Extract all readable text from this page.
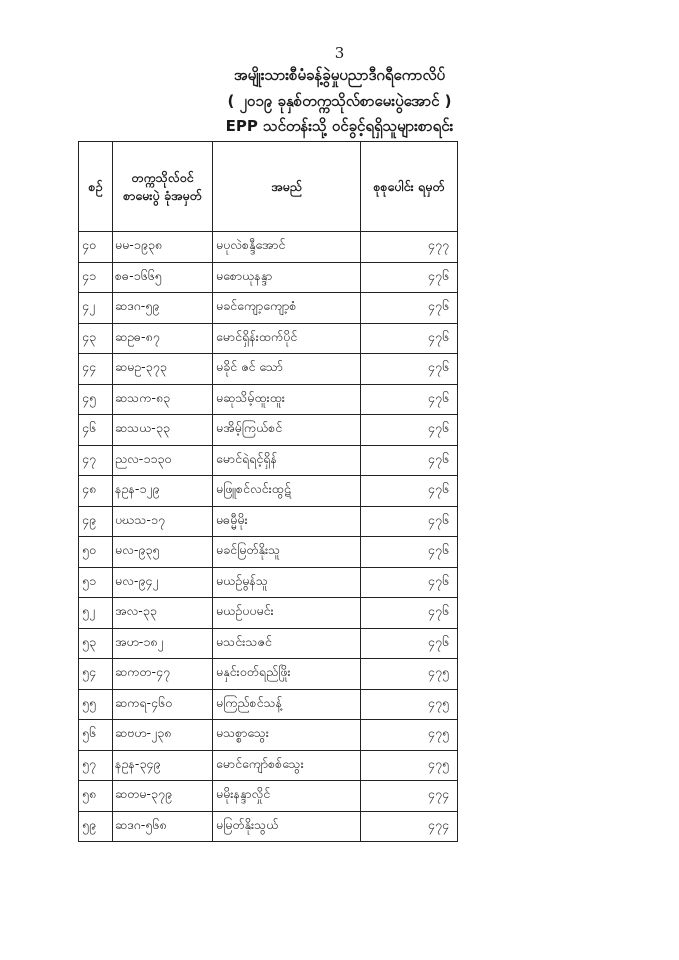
3
အမျိုးသားစီမံခန့်ခွဲမှုပညာဒီဂရီကောလိပ်
( ၂၀၁၉ ခုနှစ်တက္ကသိုလ်စာမေးပွဲအောင် )
EPP သင်တန်းသို့ ဝင်ခွင့်ရရှိသူများစာရင်း
စဉ်	တက္ကသိုလ်ဝင်စာမေးပွဲ ခုံအမှတ်	အမည်	စုစုပေါင်း ရမှတ်
၄၀	မမ-၁၉၃၈	မပုလဲစန္ဒီအောင်	၄၇၇
၄၁	စဓ-၁၆၆၅	မစောယုနန္ဒာ	၄၇၆
၄၂	ဆဒဂ-၅၉	မခင်ကျော့ကျော့စံ	၄၇၆
၄၃	ဆဥဓ-၈၇	မောင်ရှိန်းထက်ပိုင်	၄၇၆
၄၄	ဆမဥ-၃၇၃	မခိုင် ဇင် သော်	၄၇၆
၄၅	ဆသက-၈၃	မဆုသိမ့်ထူးထူး	၄၇၆
၄၆	ဆသယ-၃၃	မအိမ့်ကြယ်စင်	၄၇၆
၄၇	ညလ-၁၁၃၀	မောင်ရဲရင့်ရှိန်	၄၇၆
၄၈	နဥန-၁၂၉	မဖြူစင်လင်းထွဋ်	၄၇၆
၄၉	ပဃသ-၁၇	မဓမ္မီမိုး	၄၇၆
၅၀	မလ-၉၃၅	မခင်မြတ်နိုးသူ	၄၇၆
၅၁	မလ-၉၄၂	မယဉ်မွန်သူ	၄၇၆
၅၂	အလ-၃၃	မယဉ်ပပမင်း	၄၇၆
၅၃	အဟ-၁၈၂	မသင်းသဇင်	၄၇၆
၅၄	ဆကတ-၄၇	မနှင်းဝတ်ရည်ဖြိုး	၄၇၅
၅၅	ဆကရ-၄၆၀	မကြည်စင်သန့်	၄၇၅
၅၆	ဆဗဟ-၂၃၈	မသစ္စာသွေး	၄၇၅
၅၇	နဥန-၃၄၉	မောင်ကျော်စစ်သွေး	၄၇၅
၅၈	ဆတမ-၃၇၉	မမိုးနန္ဒာလှိုင်	၄၇၄
၅၉	ဆဒဂ-၅၆၈	မမြတ်နိုးသွယ်	၄၇၄
